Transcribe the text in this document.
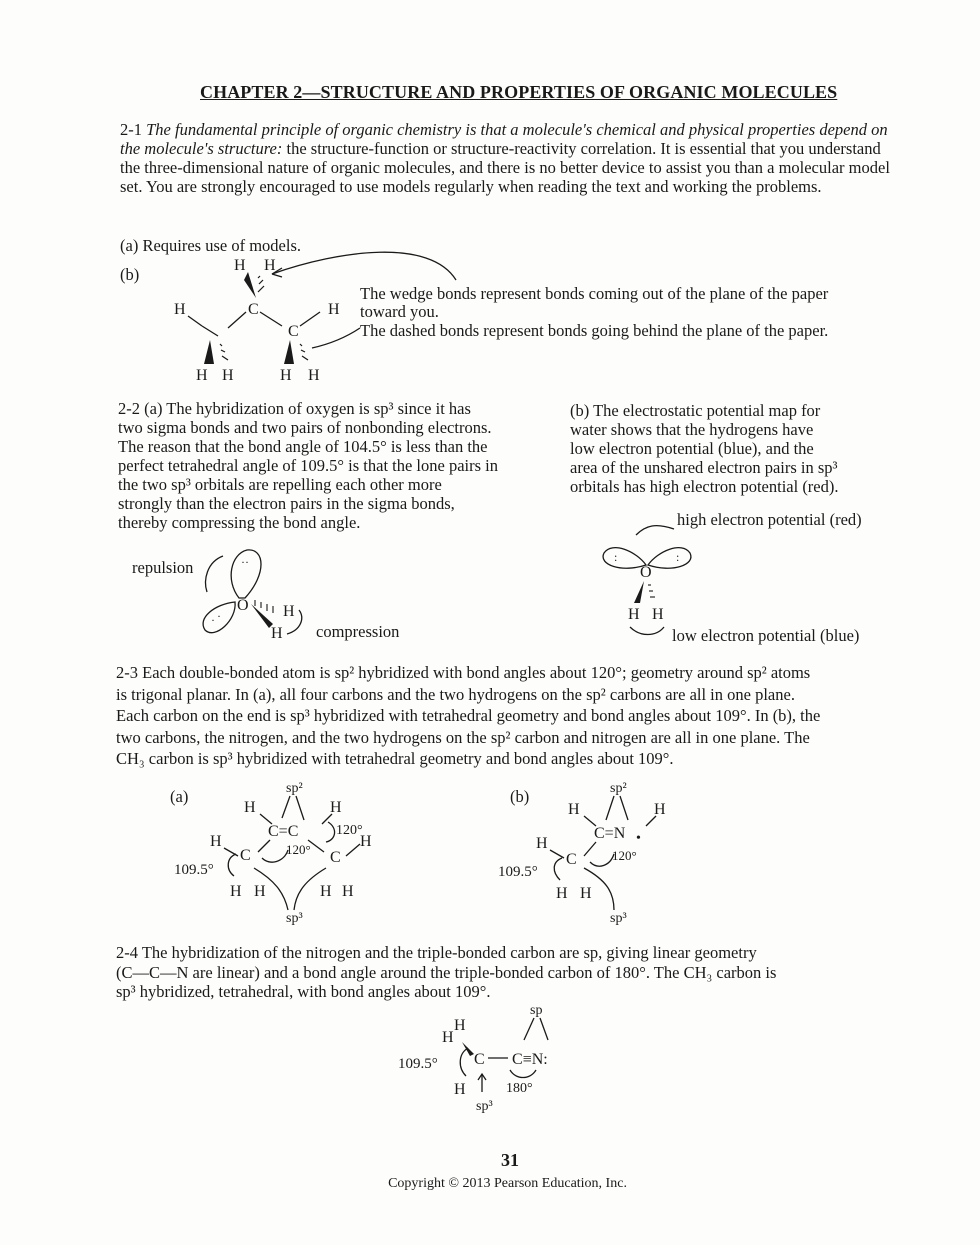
CHAPTER 2—STRUCTURE AND PROPERTIES OF ORGANIC MOLECULES
2-1 The fundamental principle of organic chemistry is that a molecule's chemical and physical properties depend on the molecule's structure: the structure-function or structure-reactivity correlation. It is essential that you understand the three-dimensional nature of organic molecules, and there is no better device to assist you than a molecular model set. You are strongly encouraged to use models regularly when reading the text and working the problems.
(a) Requires use of models.
(b)
The wedge bonds represent bonds coming out of the plane of the paper
toward you.
The dashed bonds represent bonds going behind the plane of the paper.
H H
H	C
C
H
H
H	H H
2-2 (a) The hybridization of oxygen is sp³ since it has
two sigma bonds and two pairs of nonbonding electrons.
The reason that the bond angle of 104.5° is less than the
perfect tetrahedral angle of 109.5° is that the lone pairs in
the two sp³ orbitals are repelling each other more
strongly than the electron pairs in the sigma bonds,
thereby compressing the bond angle.
(b) The electrostatic potential map for
water shows that the hydrogens have
low electron potential (blue), and the
area of the unshared electron pairs in sp³
orbitals has high electron potential (red).
repulsion
compression
··
· ·
O H
H
high electron potential (red)
low electron potential (blue)
:	:
O
H H
2-3 Each double-bonded atom is sp² hybridized with bond angles about 120°; geometry around sp² atoms
is trigonal planar. In (a), all four carbons and the two hydrogens on the sp² carbons are all in one plane.
Each carbon on the end is sp³ hybridized with tetrahedral geometry and bond angles about 109°. In (b), the
two carbons, the nitrogen, and the two hydrogens on the sp² carbon and nitrogen are all in one plane. The
CH₃ carbon is sp³ hybridized with tetrahedral geometry and bond angles about 109°.
(a)	sp²
H	H
C=C	120°
H
H
C	120° C
109.5°
H H	H H
sp³
(b)	sp²
H	H
C=N •
H
C	120°
109.5°
H H
sp³
2-4 The hybridization of the nitrogen and the triple-bonded carbon are sp, giving linear geometry
(C—C—N are linear) and a bond angle around the triple-bonded carbon of 180°. The CH₃ carbon is
sp³ hybridized, tetrahedral, with bond angles about 109°.
sp
H
H
109.5° C C≡N:
H	180°
sp³
31
Copyright © 2013 Pearson Education, Inc.
